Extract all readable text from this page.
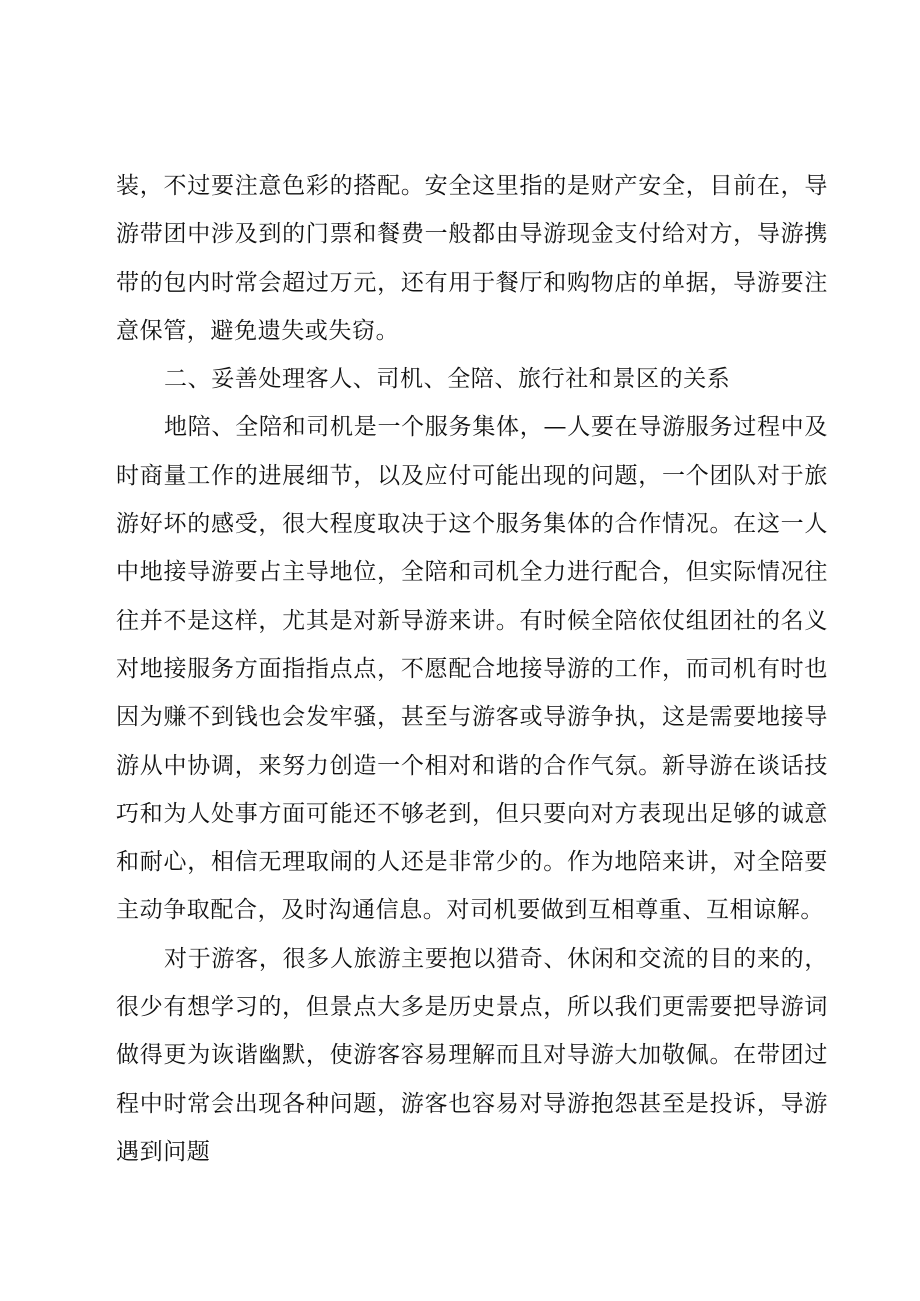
装，不过要注意色彩的搭配。安全这里指的是财产安全，目前在，导游带团中涉及到的门票和餐费一般都由导游现金支付给对方，导游携带的包内时常会超过万元，还有用于餐厅和购物店的单据，导游要注意保管，避免遗失或失窃。

二、妥善处理客人、司机、全陪、旅行社和景区的关系

地陪、全陪和司机是一个服务集体，—人要在导游服务过程中及时商量工作的进展细节，以及应付可能出现的问题，一个团队对于旅游好坏的感受，很大程度取决于这个服务集体的合作情况。在这一人中地接导游要占主导地位，全陪和司机全力进行配合，但实际情况往往并不是这样，尤其是对新导游来讲。有时候全陪依仗组团社的名义对地接服务方面指指点点，不愿配合地接导游的工作，而司机有时也因为赚不到钱也会发牢骚，甚至与游客或导游争执，这是需要地接导游从中协调，来努力创造一个相对和谐的合作气氛。新导游在谈话技巧和为人处事方面可能还不够老到，但只要向对方表现出足够的诚意和耐心，相信无理取闹的人还是非常少的。作为地陪来讲，对全陪要主动争取配合，及时沟通信息。对司机要做到互相尊重、互相谅解。

对于游客，很多人旅游主要抱以猎奇、休闲和交流的目的来的，很少有想学习的，但景点大多是历史景点，所以我们更需要把导游词做得更为诙谐幽默，使游客容易理解而且对导游大加敬佩。在带团过程中时常会出现各种问题，游客也容易对导游抱怨甚至是投诉，导游遇到问题
